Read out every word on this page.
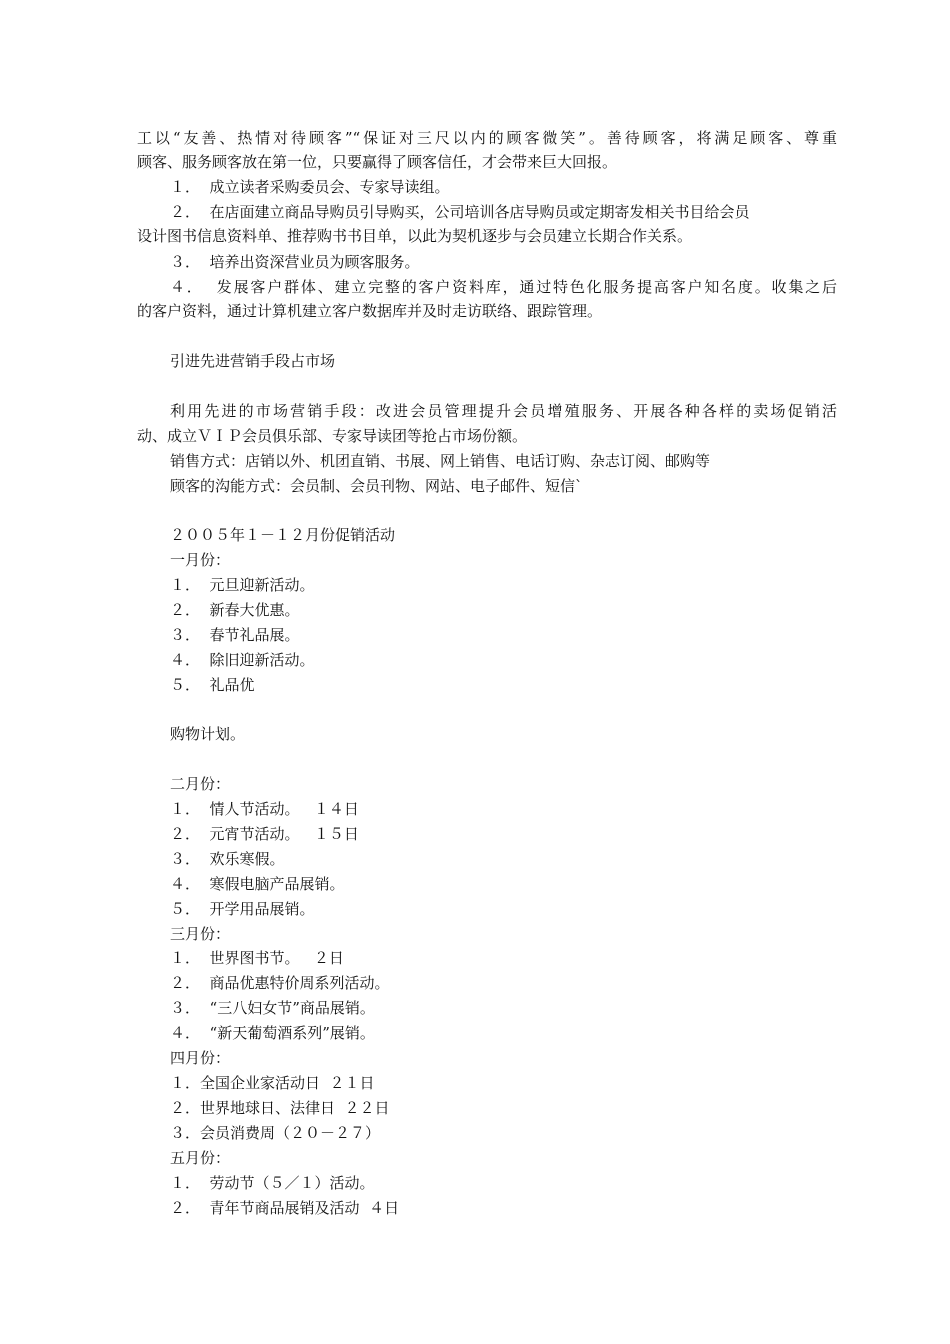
工以“友善、热情对待顾客”“保证对三尺以内的顾客微笑”。善待顾客，将满足顾客、尊重
顾客、服务顾客放在第一位，只要赢得了顾客信任，才会带来巨大回报。
１．  成立读者采购委员会、专家导读组。
２．  在店面建立商品导购员引导购买，公司培训各店导购员或定期寄发相关书目给会员
设计图书信息资料单、推荐购书书目单，以此为契机逐步与会员建立长期合作关系。
３．  培养出资深营业员为顾客服务。
４．  发展客户群体、建立完整的客户资料库，通过特色化服务提高客户知名度。收集之后
的客户资料，通过计算机建立客户数据库并及时走访联络、跟踪管理。
引进先进营销手段占市场
利用先进的市场营销手段：改进会员管理提升会员增殖服务、开展各种各样的卖场促销活
动、成立ＶＩＰ会员俱乐部、专家导读团等抢占市场份额。
销售方式：店销以外、机团直销、书展、网上销售、电话订购、杂志订阅、邮购等
顾客的沟能方式：会员制、会员刊物、网站、电子邮件、短信`
２００５年１－１２月份促销活动
一月份：
１．  元旦迎新活动。
２．  新春大优惠。
３．  春节礼品展。
４．  除旧迎新活动。
５．  礼品优
购物计划。
二月份：
１．  情人节活动。   １４日
２．  元宵节活动。   １５日
３．  欢乐寒假。
４．  寒假电脑产品展销。
５．  开学用品展销。
三月份：
１．  世界图书节。   ２日
２．  商品优惠特价周系列活动。
３．  “三八妇女节”商品展销。
４．  “新天葡萄酒系列”展销。
四月份：
１．全国企业家活动日  ２１日
２．世界地球日、法律日  ２２日
３．会员消费周（２０－２７）
五月份：
１．  劳动节（５／１）活动。
２．  青年节商品展销及活动  ４日
